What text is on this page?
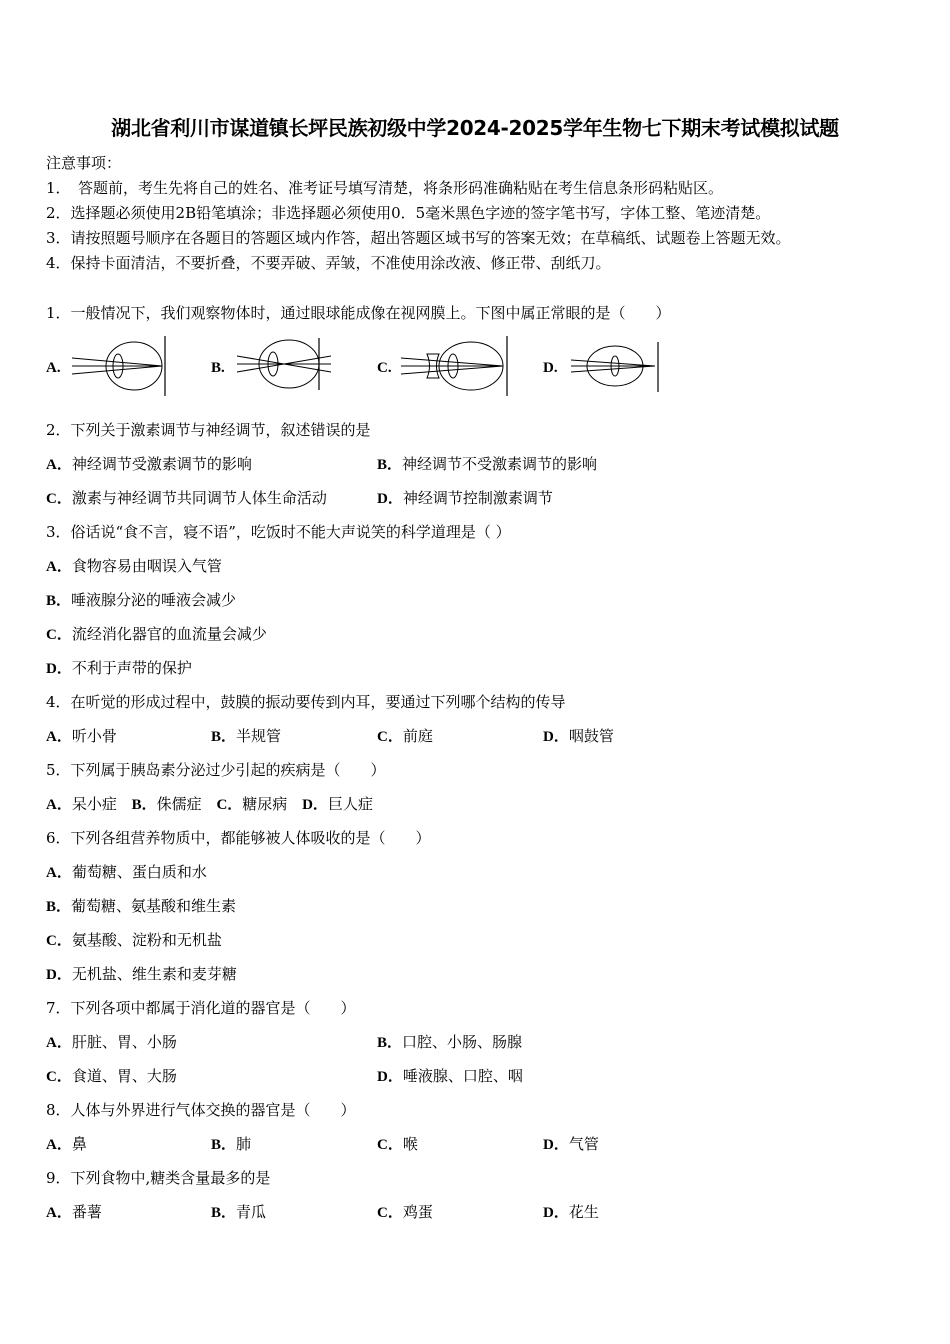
湖北省利川市谋道镇长坪民族初级中学2024-2025学年生物七下期末考试模拟试题
注意事项：
1．　答题前，考生先将自己的姓名、准考证号填写清楚，将条形码准确粘贴在考生信息条形码粘贴区。
2．选择题必须使用2B铅笔填涂；非选择题必须使用0．5毫米黑色字迹的签字笔书写，字体工整、笔迹清楚。
3．请按照题号顺序在各题目的答题区域内作答，超出答题区域书写的答案无效；在草稿纸、试题卷上答题无效。
4．保持卡面清洁，不要折叠，不要弄破、弄皱，不准使用涂改液、修正带、刮纸刀。
1．一般情况下，我们观察物体时，通过眼球能成像在视网膜上。下图中属正常眼的是（　　）
A.	B.	C.	D.
2．下列关于激素调节与神经调节，叙述错误的是
A．神经调节受激素调节的影响	B．神经调节不受激素调节的影响
C．激素与神经调节共同调节人体生命活动	D．神经调节控制激素调节
3．俗话说“食不言，寝不语”，吃饭时不能大声说笑的科学道理是（ ）
A．食物容易由咽误入气管
B．唾液腺分泌的唾液会减少
C．流经消化器官的血流量会减少
D．不利于声带的保护
4．在听觉的形成过程中，鼓膜的振动要传到内耳，要通过下列哪个结构的传导
A．听小骨	B．半规管	C．前庭	D．咽鼓管
5．下列属于胰岛素分泌过少引起的疾病是（　　）
A．呆小症 B．侏儒症 C．糖尿病 D．巨人症
6．下列各组营养物质中，都能够被人体吸收的是（　　）
A．葡萄糖、蛋白质和水
B．葡萄糖、氨基酸和维生素
C．氨基酸、淀粉和无机盐
D．无机盐、维生素和麦芽糖
7．下列各项中都属于消化道的器官是（　　）
A．肝脏、胃、小肠	B．口腔、小肠、肠腺
C．食道、胃、大肠	D．唾液腺、口腔、咽
8．人体与外界进行气体交换的器官是（　　）
A．鼻	B．肺	C．喉	D．气管
9．下列食物中,糖类含量最多的是
A．番薯	B．青瓜	C．鸡蛋	D．花生
